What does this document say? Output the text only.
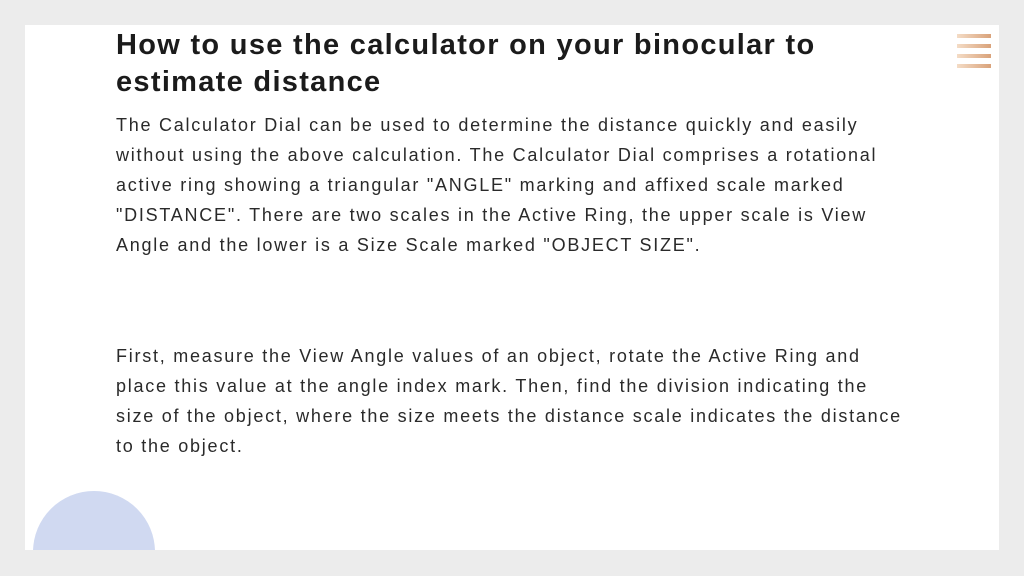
How to use the calculator on your binocular to estimate distance

The Calculator Dial can be used to determine the distance quickly and easily without using the above calculation. The Calculator Dial comprises a rotational active ring showing a triangular "ANGLE" marking and affixed scale marked "DISTANCE". There are two scales in the Active Ring, the upper scale is View Angle and the lower is a Size Scale marked "OBJECT SIZE".

First, measure the View Angle values of an object, rotate the Active Ring and place this value at the angle index mark. Then, find the division indicating the size of the object, where the size meets the distance scale indicates the distance to the object.
